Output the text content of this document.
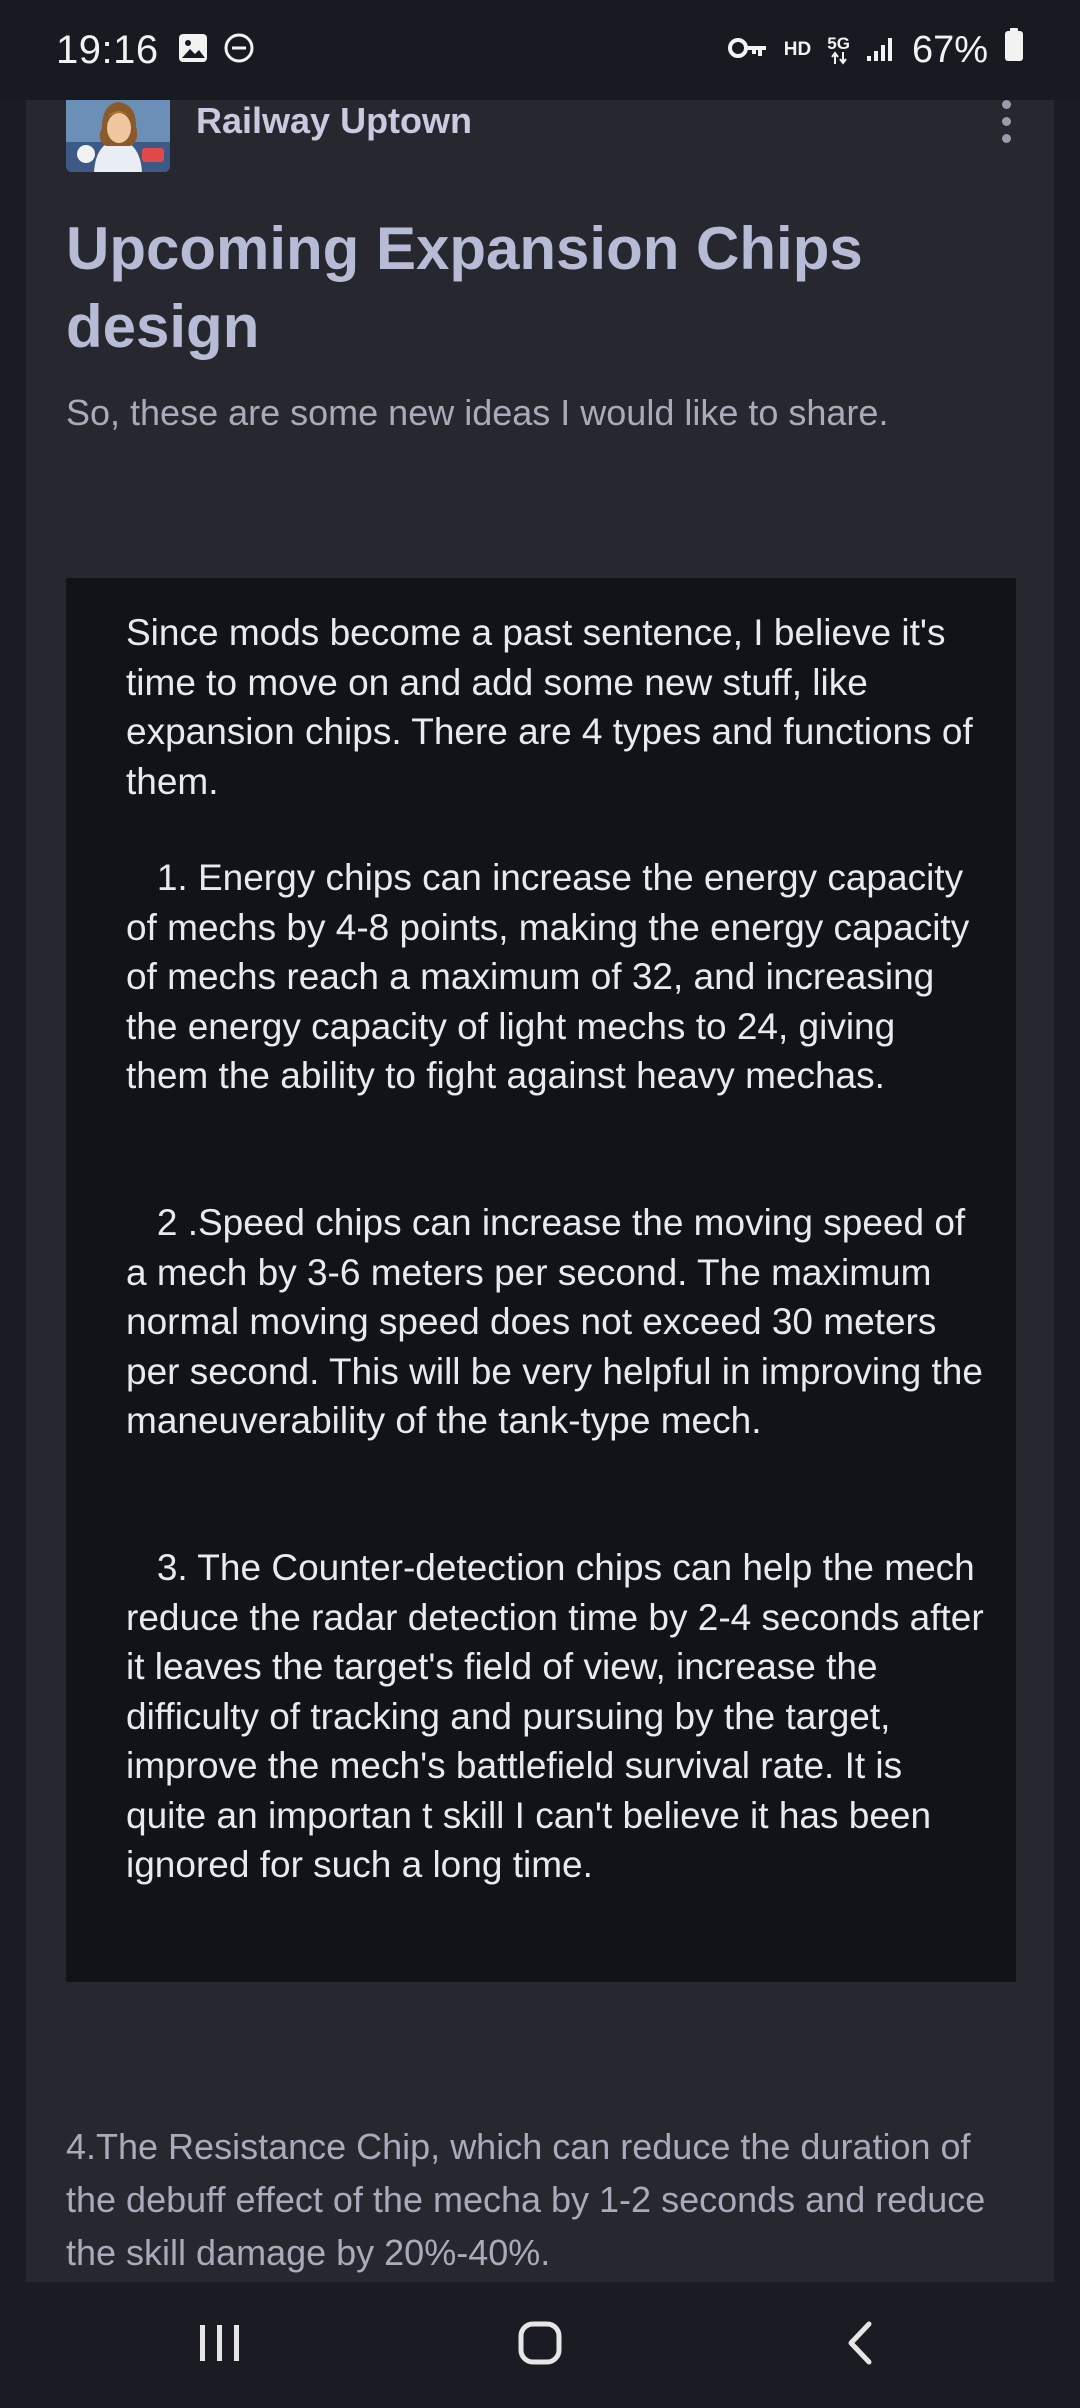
19:16	HD 5G 67%
Railway Uptown
Upcoming Expansion Chips design

So, these are some new ideas I would like to share.

Since mods become a past sentence, I believe it's time to move on and add some new stuff, like expansion chips. There are 4 types and functions of them.

1. Energy chips can increase the energy capacity of mechs by 4-8 points, making the energy capacity of mechs reach a maximum of 32, and increasing the energy capacity of light mechs to 24, giving them the ability to fight against heavy mechas.

2 .Speed chips can increase the moving speed of a mech by 3-6 meters per second. The maximum normal moving speed does not exceed 30 meters per second. This will be very helpful in improving the maneuverability of the tank-type mech.

3. The Counter-detection chips can help the mech reduce the radar detection time by 2-4 seconds after it leaves the target's field of view, increase the difficulty of tracking and pursuing by the target, improve the mech's battlefield survival rate. It is quite an importan t skill I can't believe it has been ignored for such a long time.

4.The Resistance Chip, which can reduce the duration of the debuff effect of the mecha by 1-2 seconds and reduce the skill damage by 20%-40%.
